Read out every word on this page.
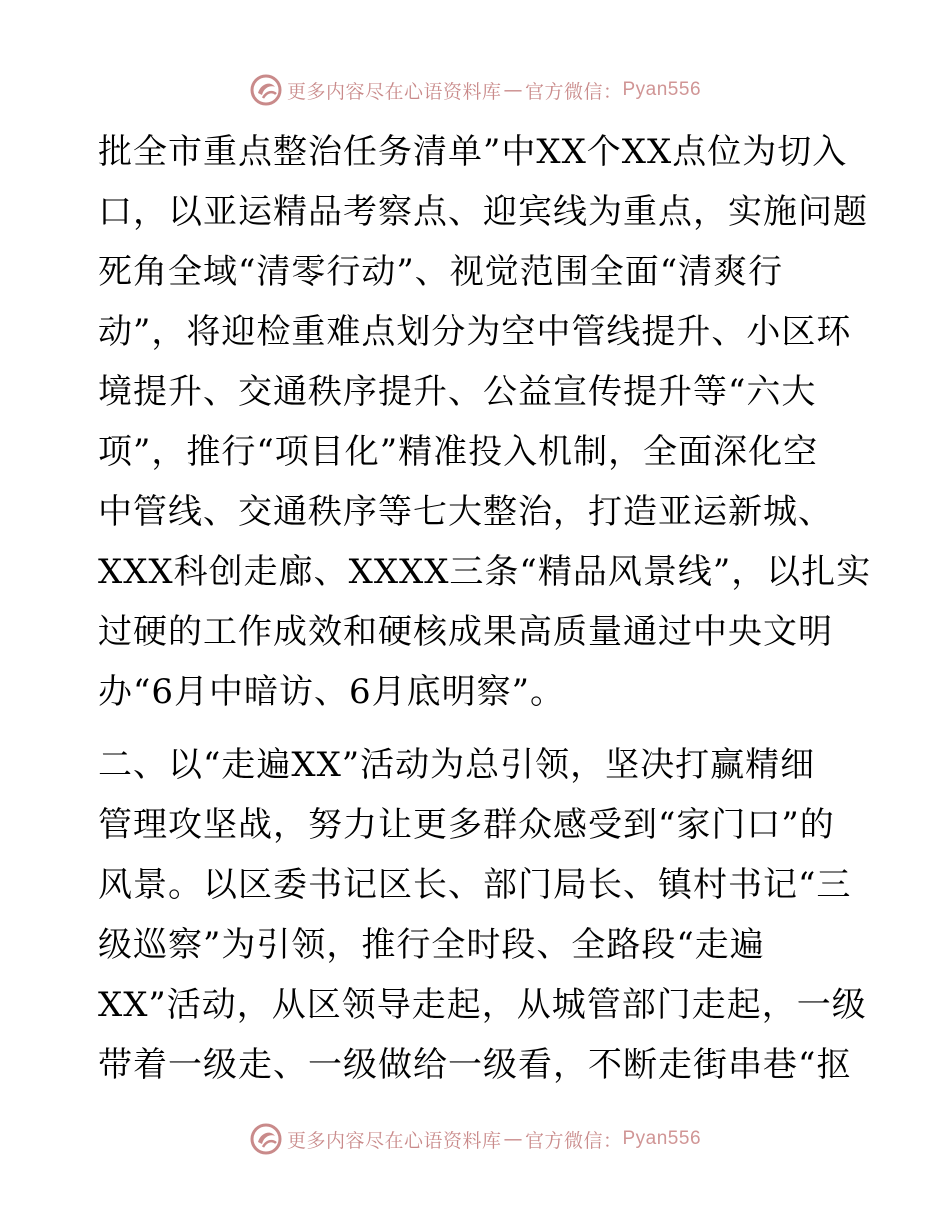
更多内容尽在心语资料库 — 官方微信： Pyan556
批全市重点整治任务清单”中XX个XX点位为切入
口，以亚运精品考察点、迎宾线为重点，实施问题
死角全域“清零行动”、视觉范围全面“清爽行
动”，将迎检重难点划分为空中管线提升、小区环
境提升、交通秩序提升、公益宣传提升等“六大
项”，推行“项目化”精准投入机制，全面深化空
中管线、交通秩序等七大整治，打造亚运新城、
XXX科创走廊、XXXX三条“精品风景线”，以扎实
过硬的工作成效和硬核成果高质量通过中央文明
办“6月中暗访、6月底明察”。
二、以“走遍XX”活动为总引领，坚决打赢精细
管理攻坚战，努力让更多群众感受到“家门口”的
风景。以区委书记区长、部门局长、镇村书记“三
级巡察”为引领，推行全时段、全路段“走遍
XX”活动，从区领导走起，从城管部门走起，一级
带着一级走、一级做给一级看，不断走街串巷“抠
更多内容尽在心语资料库 — 官方微信： Pyan556
